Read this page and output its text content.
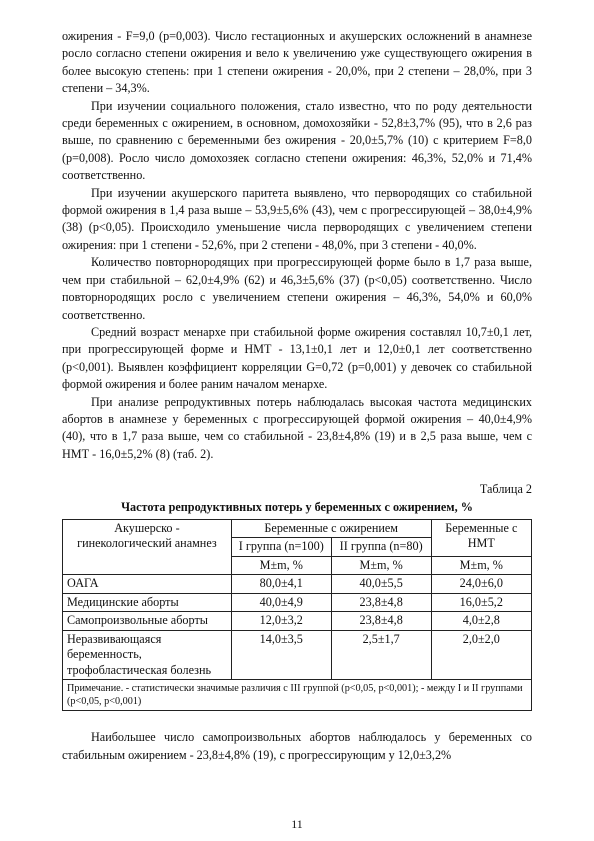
ожирения - F=9,0 (p=0,003). Число гестационных и акушерских осложнений в анамнезе росло согласно степени ожирения и вело к увеличению уже существующего ожирения в более высокую степень: при 1 степени ожирения - 20,0%, при 2 степени – 28,0%, при 3 степени – 34,3%.

При изучении социального положения, стало известно, что по роду деятельности среди беременных с ожирением, в основном, домохозяйки - 52,8±3,7% (95), что в 2,6 раз выше, по сравнению с беременными без ожирения - 20,0±5,7% (10) с критерием F=8,0 (p=0,008). Росло число домохозяек согласно степени ожирения: 46,3%, 52,0% и 71,4% соответственно.

При изучении акушерского паритета выявлено, что первородящих со стабильной формой ожирения в 1,4 раза выше – 53,9±5,6% (43), чем с прогрессирующей – 38,0±4,9% (38) (p<0,05). Происходило уменьшение числа первородящих с увеличением степени ожирения: при 1 степени - 52,6%, при 2 степени - 48,0%, при 3 степени - 40,0%.

Количество повторнородящих при прогрессирующей форме было в 1,7 раза выше, чем при стабильной – 62,0±4,9% (62) и 46,3±5,6% (37) (p<0,05) соответственно. Число повторнородящих росло с увеличением степени ожирения – 46,3%, 54,0% и 60,0% соответственно.

Средний возраст менархе при стабильной форме ожирения составлял 10,7±0,1 лет, при прогрессирующей форме и НМТ - 13,1±0,1 лет и 12,0±0,1 лет соответственно (p<0,001). Выявлен коэффициент корреляции G=0,72 (p=0,001) у девочек со стабильной формой ожирения и более раним началом менархе.

При анализе репродуктивных потерь наблюдалась высокая частота медицинских абортов в анамнезе у беременных с прогрессирующей формой ожирения – 40,0±4,9% (40), что в 1,7 раза выше, чем со стабильной - 23,8±4,8% (19) и в 2,5 раза выше, чем с НМТ - 16,0±5,2% (8) (таб. 2).

Таблица 2
Частота репродуктивных потерь у беременных с ожирением, %
Акушерско - гинекологический анамнез	Беременные с ожирением		Беременные с НМТ
	I группа (n=100)	II группа (n=80)	
	M±m, %	M±m, %	M±m, %
ОАГА	80,0±4,1	40,0±5,5	24,0±6,0
Медицинские аборты	40,0±4,9	23,8±4,8	16,0±5,2
Самопроизвольные аборты	12,0±3,2	23,8±4,8	4,0±2,8
Неразвивающаяся беременность, трофобластическая болезнь	14,0±3,5	2,5±1,7	2,0±2,0
Примечание. - статистически значимые различия с III группой (p<0,05, p<0,001); - между I и II группами (p<0,05, p<0,001)			

Наибольшее число самопроизвольных абортов наблюдалось у беременных со стабильным ожирением - 23,8±4,8% (19), с прогрессирующим у 12,0±3,2%

11
